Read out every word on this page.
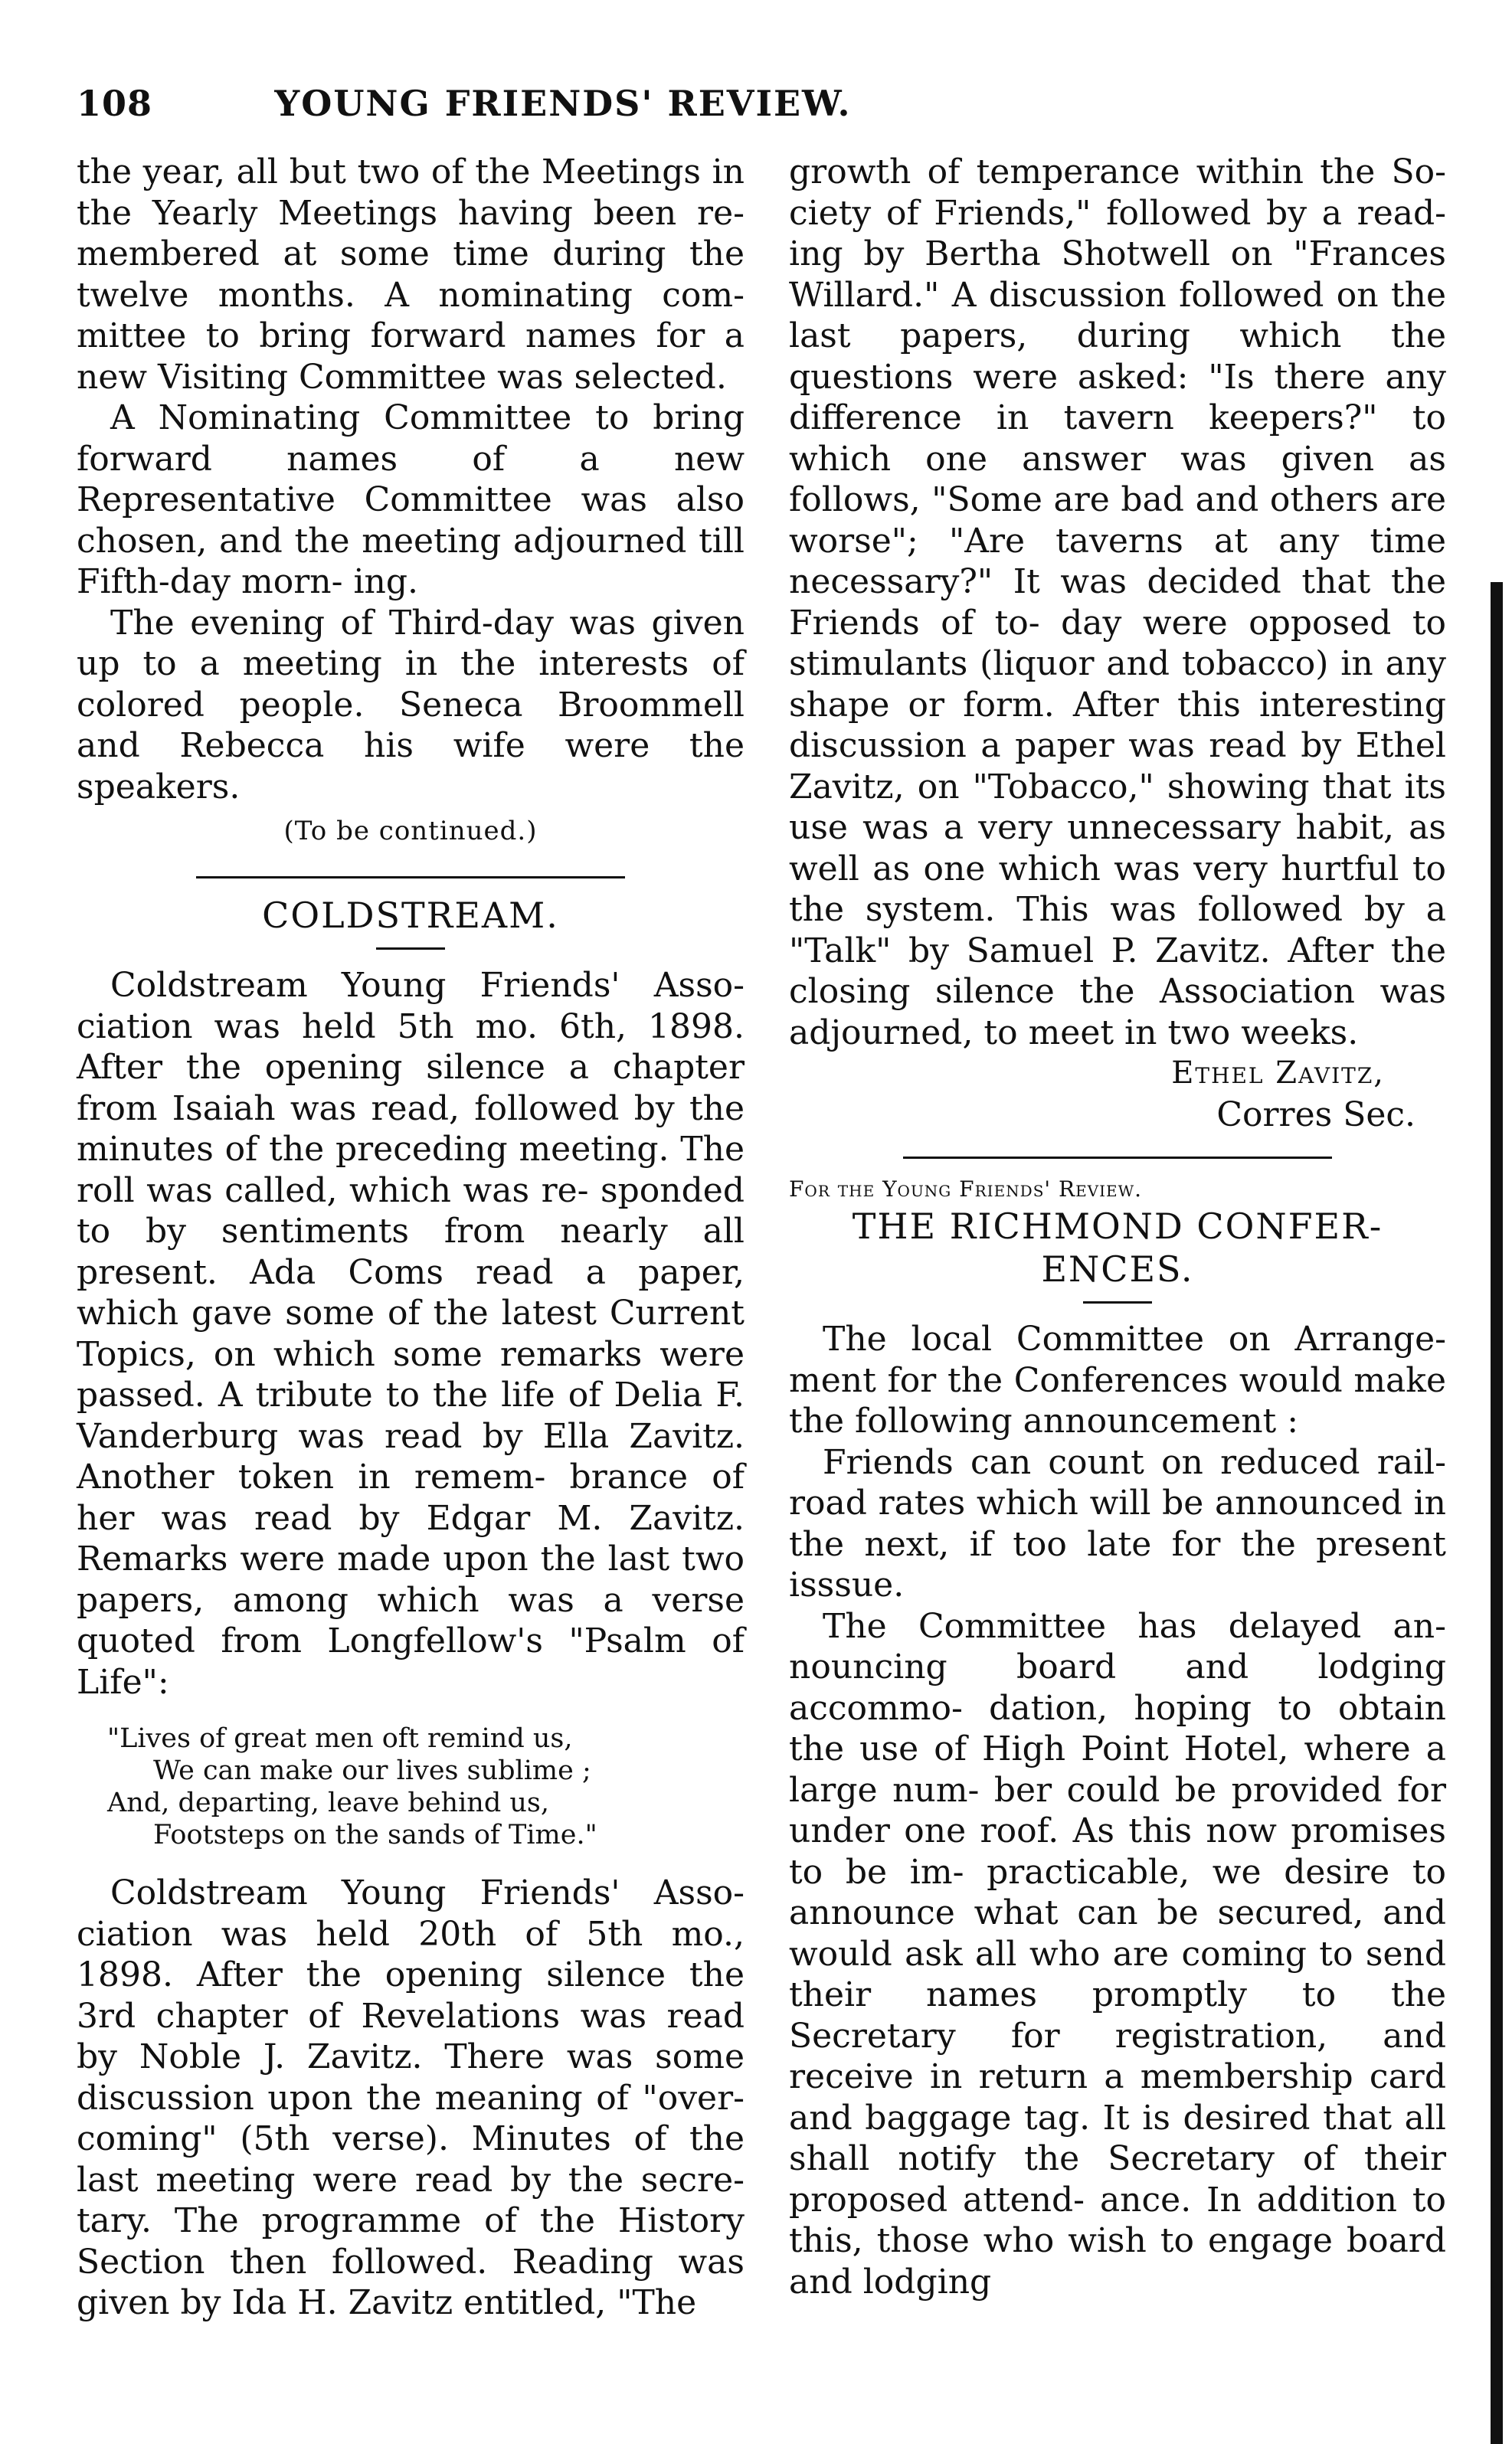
108	YOUNG FRIENDS' REVIEW.

the year, all but two of the Meetings in the Yearly Meetings having been re- membered at some time during the twelve months. A nominating com- mittee to bring forward names for a new Visiting Committee was selected.

A Nominating Committee to bring forward names of a new Representative Committee was also chosen, and the meeting adjourned till Fifth-day morn- ing.

The evening of Third-day was given up to a meeting in the interests of colored people. Seneca Broommell and Rebecca his wife were the speakers.

(To be continued.)
COLDSTREAM.

Coldstream Young Friends' Asso- ciation was held 5th mo. 6th, 1898. After the opening silence a chapter from Isaiah was read, followed by the minutes of the preceding meeting. The roll was called, which was re- sponded to by sentiments from nearly all present. Ada Coms read a paper, which gave some of the latest Current Topics, on which some remarks were passed. A tribute to the life of Delia F. Vanderburg was read by Ella Zavitz. Another token in remem- brance of her was read by Edgar M. Zavitz. Remarks were made upon the last two papers, among which was a verse quoted from Longfellow's "Psalm of Life":

"Lives of great men oft remind us,
We can make our lives sublime ;
And, departing, leave behind us,
Footsteps on the sands of Time."

Coldstream Young Friends' Asso- ciation was held 20th of 5th mo., 1898. After the opening silence the 3rd chapter of Revelations was read by Noble J. Zavitz. There was some discussion upon the meaning of "over- coming" (5th verse). Minutes of the last meeting were read by the secre- tary. The programme of the History Section then followed. Reading was given by Ida H. Zavitz entitled, "The

growth of temperance within the So- ciety of Friends," followed by a read- ing by Bertha Shotwell on "Frances Willard." A discussion followed on the last papers, during which the questions were asked: "Is there any difference in tavern keepers?" to which one answer was given as follows, "Some are bad and others are worse"; "Are taverns at any time necessary?" It was decided that the Friends of to- day were opposed to stimulants (liquor and tobacco) in any shape or form. After this interesting discussion a paper was read by Ethel Zavitz, on "Tobacco," showing that its use was a very unnecessary habit, as well as one which was very hurtful to the system. This was followed by a "Talk" by Samuel P. Zavitz. After the closing silence the Association was adjourned, to meet in two weeks.

Ethel Zavitz,
Corres Sec.
For the Young Friends' Review.
THE RICHMOND CONFER-
ENCES.

The local Committee on Arrange- ment for the Conferences would make the following announcement :

Friends can count on reduced rail- road rates which will be announced in the next, if too late for the present isssue.

The Committee has delayed an- nouncing board and lodging accommo- dation, hoping to obtain the use of High Point Hotel, where a large num- ber could be provided for under one roof. As this now promises to be im- practicable, we desire to announce what can be secured, and would ask all who are coming to send their names promptly to the Secretary for registration, and receive in return a membership card and baggage tag. It is desired that all shall notify the Secretary of their proposed attend- ance. In addition to this, those who wish to engage board and lodging
